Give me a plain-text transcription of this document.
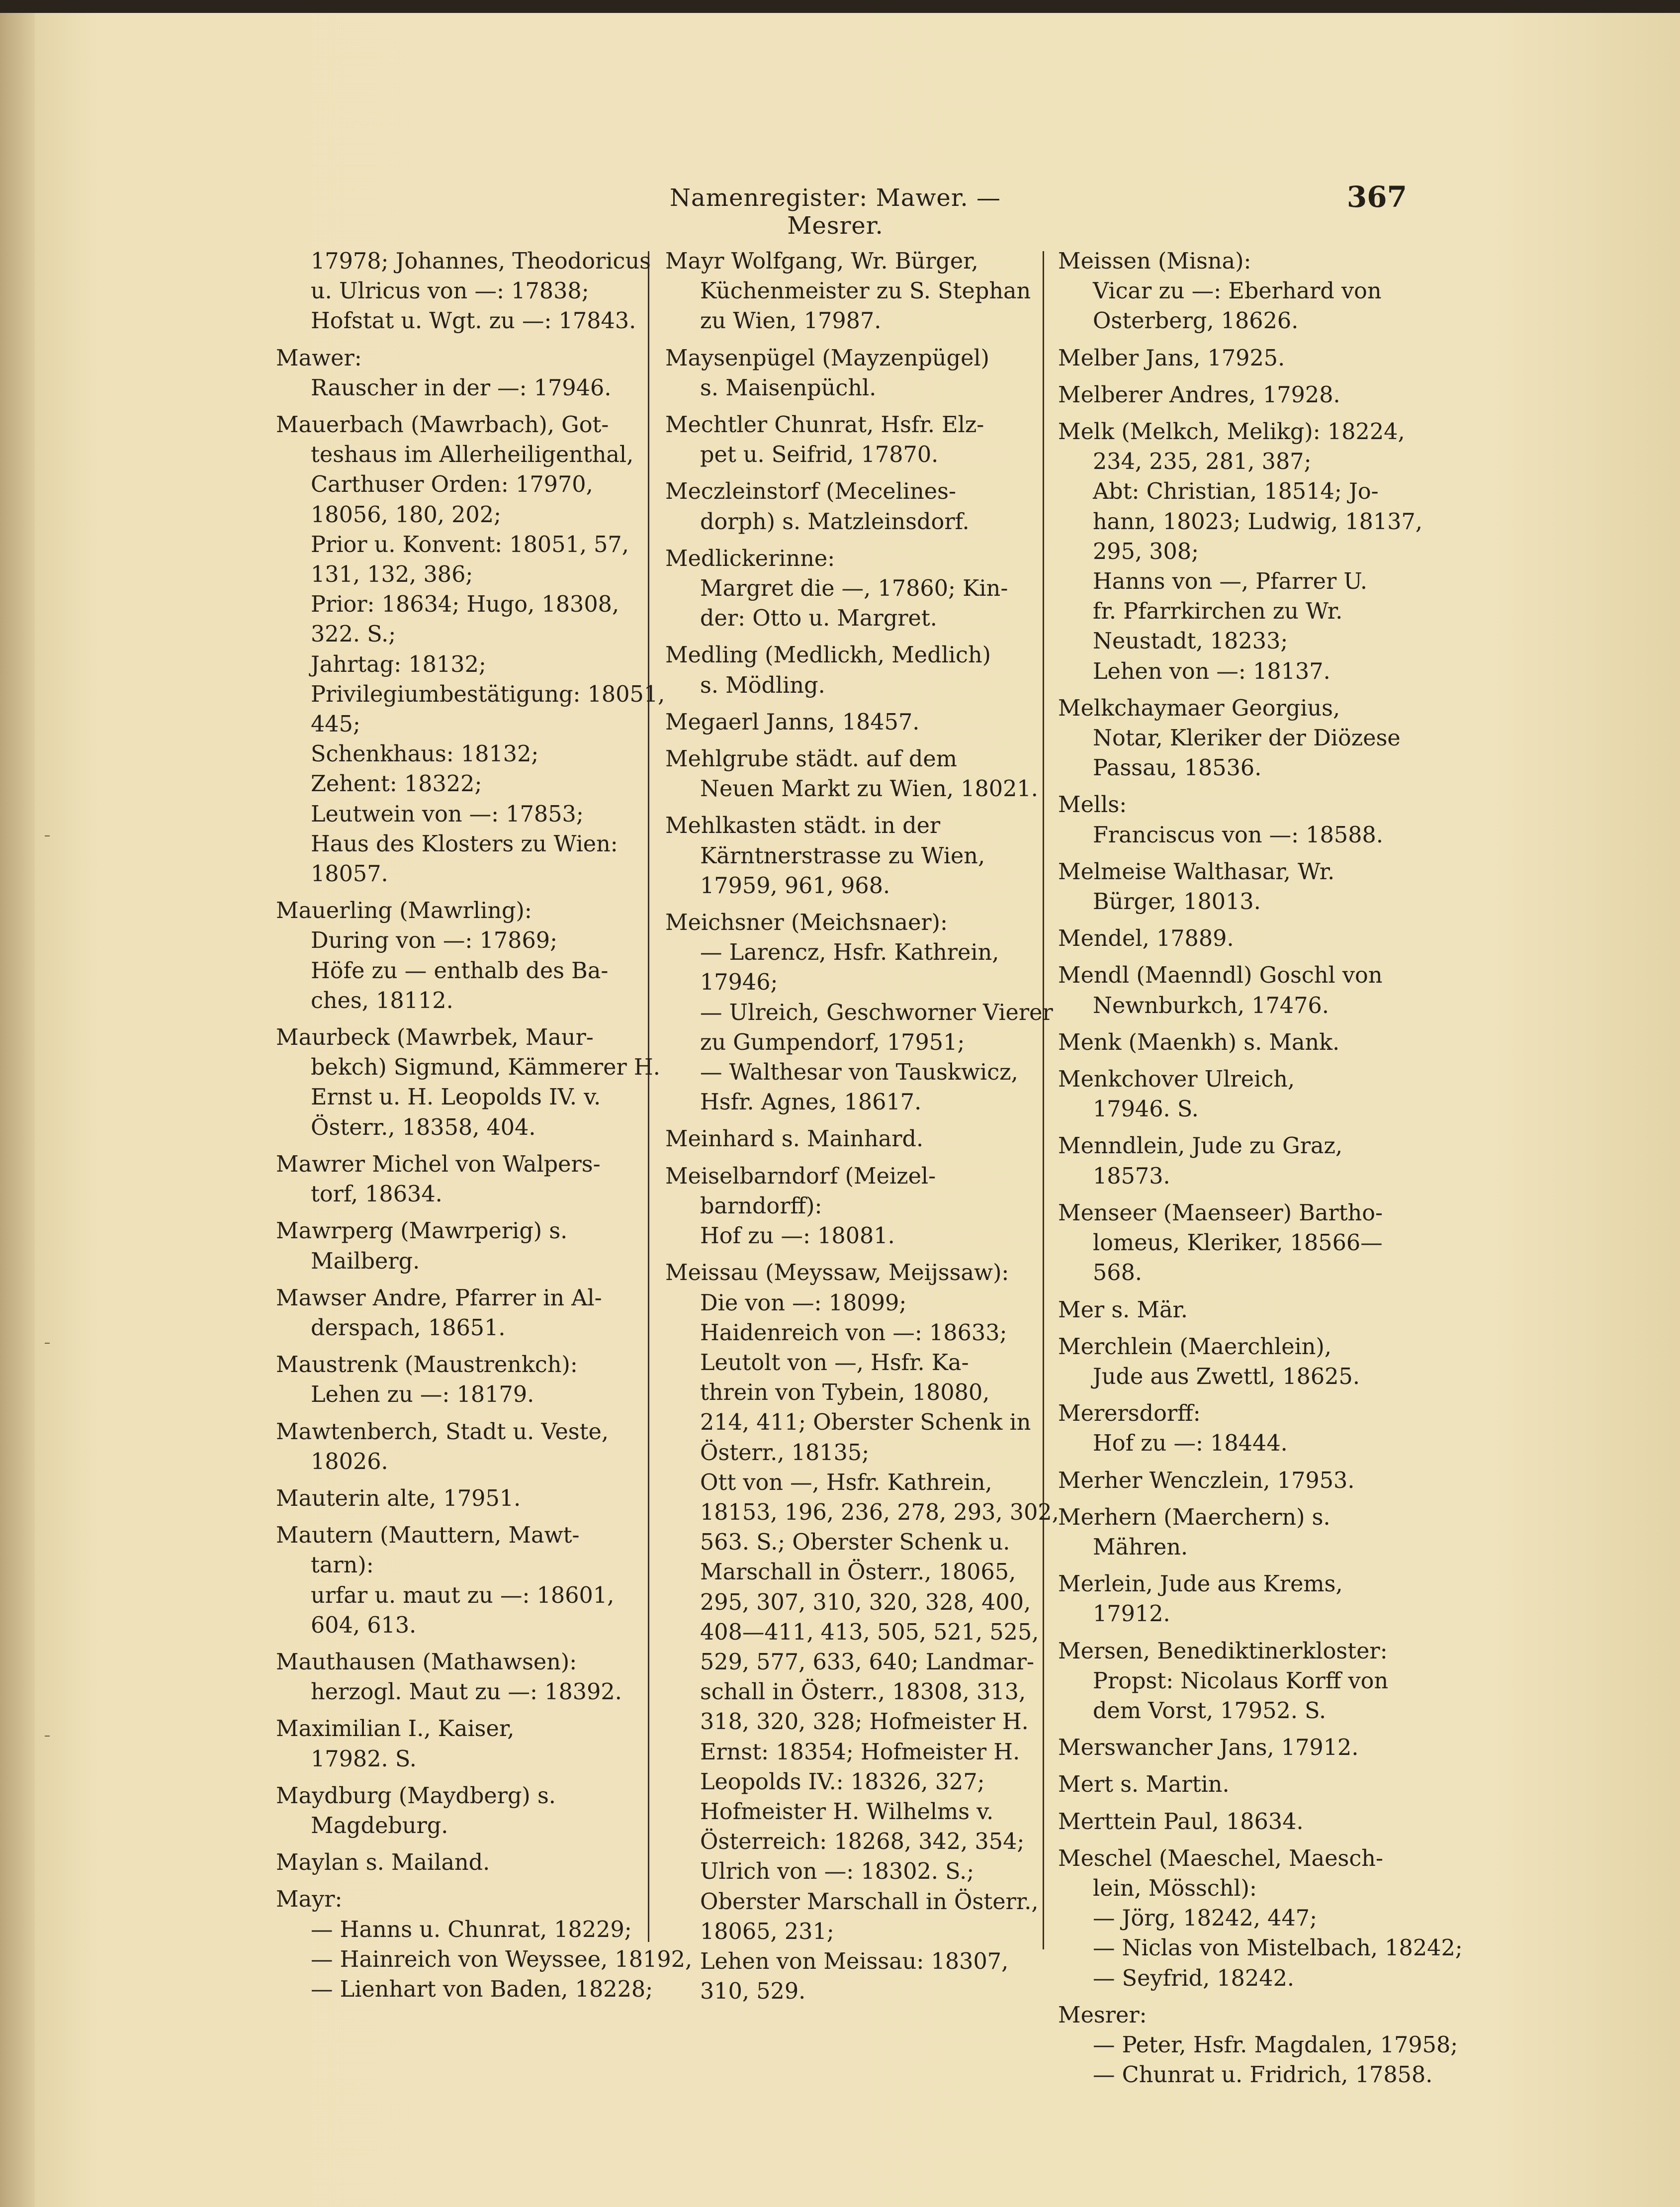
Namenregister: Mawer. — Mesrer.
367
17978; Johannes, Theodoricus
u. Ulricus von —: 17838;
Hofstat u. Wgt. zu —: 17843.
Mawer:
Rauscher in der —: 17946.
Mauerbach (Mawrbach), Got-
teshaus im Allerheiligenthal,
Carthuser Orden: 17970,
18056, 180, 202;
Prior u. Konvent: 18051, 57,
131, 132, 386;
Prior: 18634; Hugo, 18308,
322. S.;
Jahrtag: 18132;
Privilegiumbestätigung: 18051,
445;
Schenkhaus: 18132;
Zehent: 18322;
Leutwein von —: 17853;
Haus des Klosters zu Wien:
18057.
Mauerling (Mawrling):
During von —: 17869;
Höfe zu — enthalb des Ba-
ches, 18112.
Maurbeck (Mawrbek, Maur-
bekch) Sigmund, Kämmerer H.
Ernst u. H. Leopolds IV. v.
Österr., 18358, 404.
Mawrer Michel von Walpers-
torf, 18634.
Mawrperg (Mawrperig) s.
Mailberg.
Mawser Andre, Pfarrer in Al-
derspach, 18651.
Maustrenk (Maustrenkch):
Lehen zu —: 18179.
Mawtenberch, Stadt u. Veste,
18026.
Mauterin alte, 17951.
Mautern (Mauttern, Mawt-
tarn):
urfar u. maut zu —: 18601,
604, 613.
Mauthausen (Mathawsen):
herzogl. Maut zu —: 18392.
Maximilian I., Kaiser,
17982. S.
Maydburg (Maydberg) s.
Magdeburg.
Maylan s. Mailand.
Mayr:
— Hanns u. Chunrat, 18229;
— Hainreich von Weyssee, 18192,
— Lienhart von Baden, 18228;
Mayr Wolfgang, Wr. Bürger,
Küchenmeister zu S. Stephan
zu Wien, 17987.
Maysenpügel (Mayzenpügel)
s. Maisenpüchl.
Mechtler Chunrat, Hsfr. Elz-
pet u. Seifrid, 17870.
Meczleinstorf (Mecelines-
dorph) s. Matzleinsdorf.
Medlickerinne:
Margret die —, 17860; Kin-
der: Otto u. Margret.
Medling (Medlickh, Medlich)
s. Mödling.
Megaerl Janns, 18457.
Mehlgrube städt. auf dem
Neuen Markt zu Wien, 18021.
Mehlkasten städt. in der
Kärntnerstrasse zu Wien,
17959, 961, 968.
Meichsner (Meichsnaer):
— Larencz, Hsfr. Kathrein,
17946;
— Ulreich, Geschworner Vierer
zu Gumpendorf, 17951;
— Walthesar von Tauskwicz,
Hsfr. Agnes, 18617.
Meinhard s. Mainhard.
Meiselbarndorf (Meizel-
barndorff):
Hof zu —: 18081.
Meissau (Meyssaw, Meijssaw):
Die von —: 18099;
Haidenreich von —: 18633;
Leutolt von —, Hsfr. Ka-
threin von Tybein, 18080,
214, 411; Oberster Schenk in
Österr., 18135;
Ott von —, Hsfr. Kathrein,
18153, 196, 236, 278, 293, 302,
563. S.; Oberster Schenk u.
Marschall in Österr., 18065,
295, 307, 310, 320, 328, 400,
408—411, 413, 505, 521, 525,
529, 577, 633, 640; Landmar-
schall in Österr., 18308, 313,
318, 320, 328; Hofmeister H.
Ernst: 18354; Hofmeister H.
Leopolds IV.: 18326, 327;
Hofmeister H. Wilhelms v.
Österreich: 18268, 342, 354;
Ulrich von —: 18302. S.;
Oberster Marschall in Österr.,
18065, 231;
Lehen von Meissau: 18307,
310, 529.
Meissen (Misna):
Vicar zu —: Eberhard von
Osterberg, 18626.
Melber Jans, 17925.
Melberer Andres, 17928.
Melk (Melkch, Melikg): 18224,
234, 235, 281, 387;
Abt: Christian, 18514; Jo-
hann, 18023; Ludwig, 18137,
295, 308;
Hanns von —, Pfarrer U.
fr. Pfarrkirchen zu Wr.
Neustadt, 18233;
Lehen von —: 18137.
Melkchaymaer Georgius,
Notar, Kleriker der Diözese
Passau, 18536.
Mells:
Franciscus von —: 18588.
Melmeise Walthasar, Wr.
Bürger, 18013.
Mendel, 17889.
Mendl (Maenndl) Goschl von
Newnburkch, 17476.
Menk (Maenkh) s. Mank.
Menkchover Ulreich,
17946. S.
Menndlein, Jude zu Graz,
18573.
Menseer (Maenseer) Bartho-
lomeus, Kleriker, 18566—
568.
Mer s. Mär.
Merchlein (Maerchlein),
Jude aus Zwettl, 18625.
Merersdorff:
Hof zu —: 18444.
Merher Wenczlein, 17953.
Merhern (Maerchern) s.
Mähren.
Merlein, Jude aus Krems,
17912.
Mersen, Benediktinerkloster:
Propst: Nicolaus Korff von
dem Vorst, 17952. S.
Merswancher Jans, 17912.
Mert s. Martin.
Merttein Paul, 18634.
Meschel (Maeschel, Maesch-
lein, Mösschl):
— Jörg, 18242, 447;
— Niclas von Mistelbach, 18242;
— Seyfrid, 18242.
Mesrer:
— Peter, Hsfr. Magdalen, 17958;
— Chunrat u. Fridrich, 17858.
